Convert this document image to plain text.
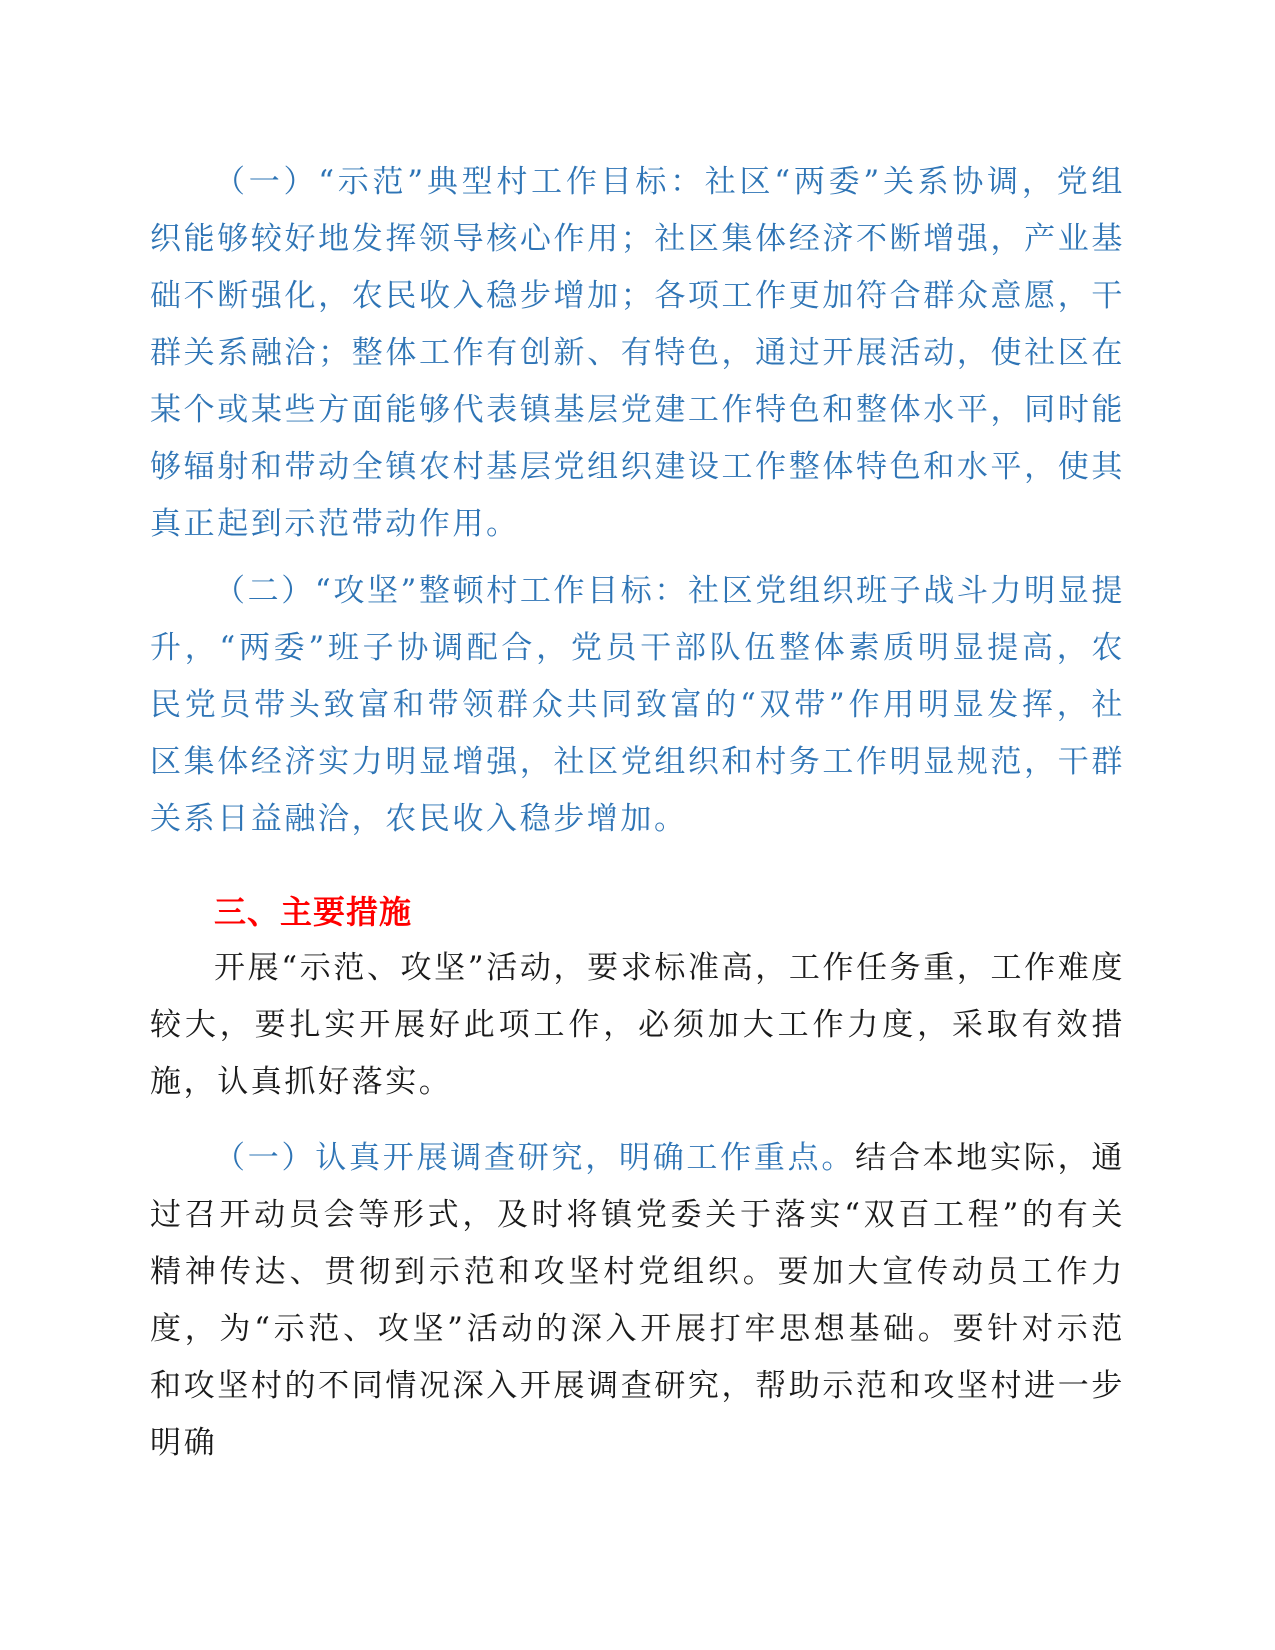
（一）“示范”典型村工作目标：社区“两委”关系协调，党组织能够较好地发挥领导核心作用；社区集体经济不断增强，产业基础不断强化，农民收入稳步增加；各项工作更加符合群众意愿，干群关系融洽；整体工作有创新、有特色，通过开展活动，使社区在某个或某些方面能够代表镇基层党建工作特色和整体水平，同时能够辐射和带动全镇农村基层党组织建设工作整体特色和水平，使其真正起到示范带动作用。

（二）“攻坚”整顿村工作目标：社区党组织班子战斗力明显提升，“两委”班子协调配合，党员干部队伍整体素质明显提高，农民党员带头致富和带领群众共同致富的“双带”作用明显发挥，社区集体经济实力明显增强，社区党组织和村务工作明显规范，干群关系日益融洽，农民收入稳步增加。

三、主要措施

开展“示范、攻坚”活动，要求标准高，工作任务重，工作难度较大，要扎实开展好此项工作，必须加大工作力度，采取有效措施，认真抓好落实。

（一）认真开展调查研究，明确工作重点。结合本地实际，通过召开动员会等形式，及时将镇党委关于落实“双百工程”的有关精神传达、贯彻到示范和攻坚村党组织。要加大宣传动员工作力度，为“示范、攻坚”活动的深入开展打牢思想基础。要针对示范和攻坚村的不同情况深入开展调查研究，帮助示范和攻坚村进一步明确
